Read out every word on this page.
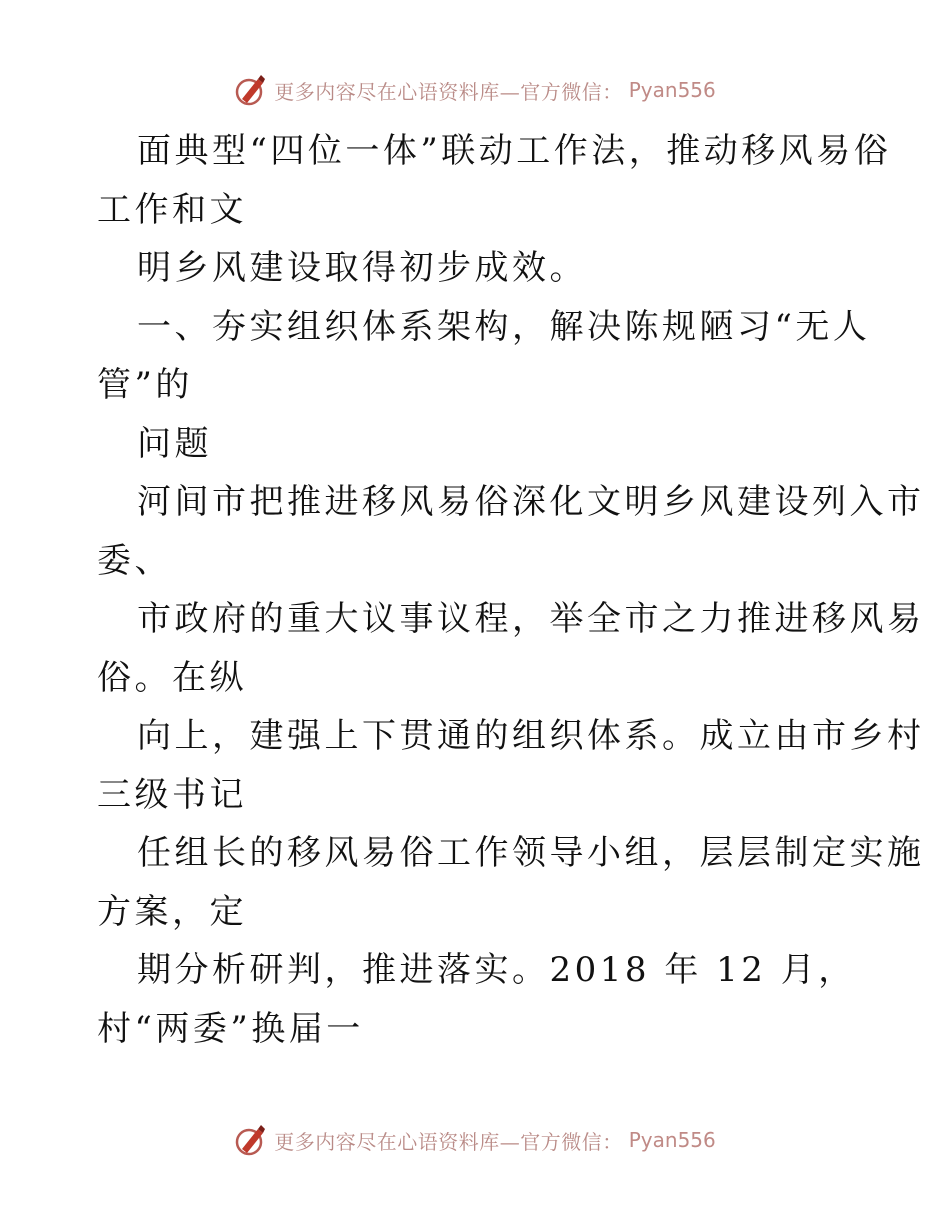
更多内容尽在心语资料库—官方微信： Pyan556
面典型“四位一体”联动工作法，推动移风易俗
工作和文
明乡风建设取得初步成效。
一、夯实组织体系架构，解决陈规陋习“无人
管”的
问题
河间市把推进移风易俗深化文明乡风建设列入市
委、
市政府的重大议事议程，举全市之力推进移风易
俗。在纵
向上，建强上下贯通的组织体系。成立由市乡村
三级书记
任组长的移风易俗工作领导小组，层层制定实施
方案，定
期分析研判，推进落实。2018 年 12 月，
村“两委”换届一
更多内容尽在心语资料库—官方微信： Pyan556
